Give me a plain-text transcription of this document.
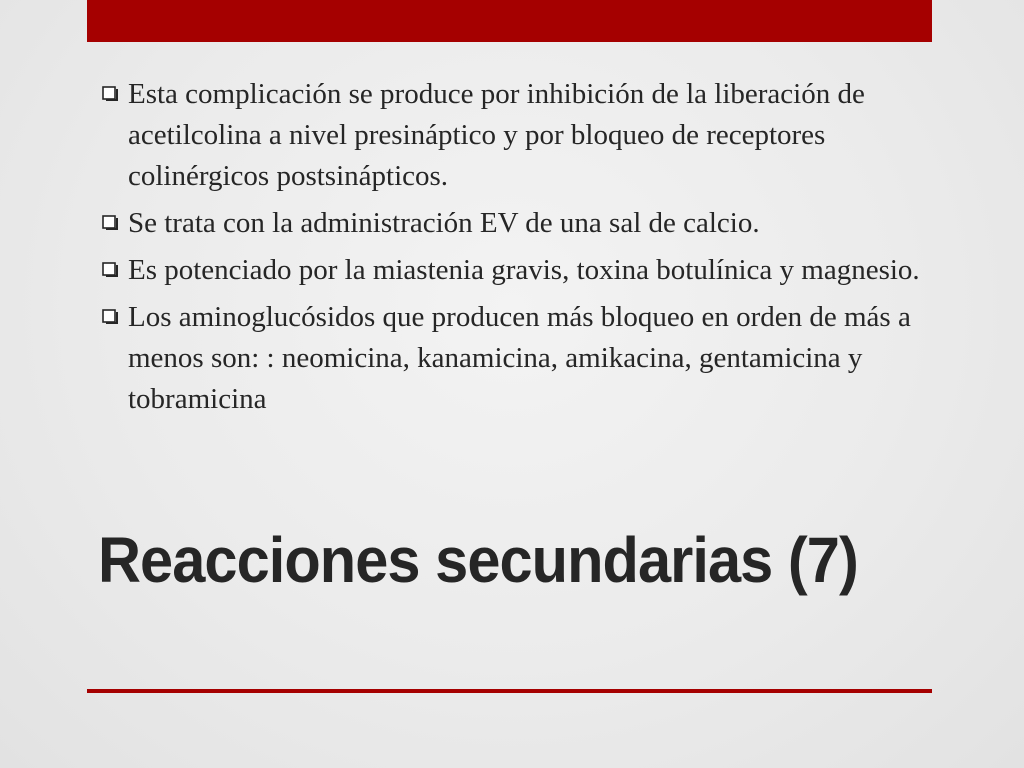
Esta complicación se produce por inhibición de la liberación de acetilcolina a nivel presináptico y por bloqueo de receptores colinérgicos postsinápticos.
Se trata con la administración EV de una sal de calcio.
Es potenciado por la miastenia gravis, toxina botulínica y magnesio.
Los aminoglucósidos que producen más bloqueo en orden de más a menos son: : neomicina, kanamicina, amikacina, gentamicina y tobramicina
Reacciones secundarias (7)
